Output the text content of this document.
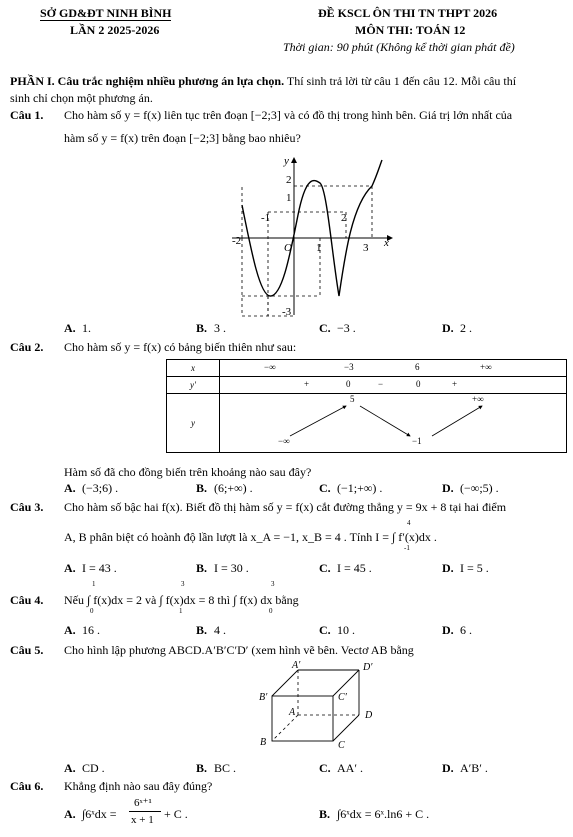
SỞ GD&ĐT NINH BÌNH
LẦN 2 2025-2026
ĐỀ KSCL ÔN THI TN THPT 2026
MÔN THI: TOÁN 12
Thời gian: 90 phút (Không kể thời gian phát đề)
PHẦN I. Câu trắc nghiệm nhiều phương án lựa chọn. Thí sinh trả lời từ câu 1 đến câu 12. Mỗi câu thí
sinh chỉ chọn một phương án.
Câu 1. Cho hàm số y = f(x) liên tục trên đoạn [−2;3] và có đồ thị trong hình bên. Giá trị lớn nhất của
hàm số y = f(x) trên đoạn [−2;3] bằng bao nhiêu?
y
x
2
1
-1	2
-2
O 1	3
-3
A. 1.	B. 3 .	C. −3 .	D. 2 .
Câu 2. Cho hàm số y = f(x) có bảng biến thiên như sau:
x	−∞ −3 6 +∞

y′	+ 0 − 0 +

y	5 +∞
−∞ −1
Hàm số đã cho đồng biến trên khoảng nào sau đây?
A. (−3;6) .	B. (6;+∞) .	C. (−1;+∞) .	D. (−∞;5) .
Câu 3. Cho hàm số bậc hai f(x). Biết đồ thị hàm số y = f(x) cắt đường thẳng y = 9x + 8 tại hai điểm
A, B phân biệt có hoành độ lần lượt là x_A = −1, x_B = 4 . Tính I = ∫ f′(x)dx .
4
-1
A. I = 43 .	B. I = 30 .	C. I = 45 .	D. I = 5 .
Câu 4. Nếu ∫ f(x)dx = 2 và ∫ f(x)dx = 8 thì ∫ f(x) dx bằng
1
0
3
1
3
0
A. 16 .	B. 4 .	C. 10 .	D. 6 .
Câu 5. Cho hình lập phương ABCD.A′B′C′D′ (xem hình vẽ bên. Vectơ AB bằng
A′	D′
B′	C′
A	D
B	C
A. CD .	B. BC .	C. AA′ .	D. A′B′ .
Câu 6. Khẳng định nào sau đây đúng?
A. ∫6ˣdx =
6ˣ⁺¹
x + 1 + C .	B. ∫6ˣdx = 6ˣ.ln6 + C .
